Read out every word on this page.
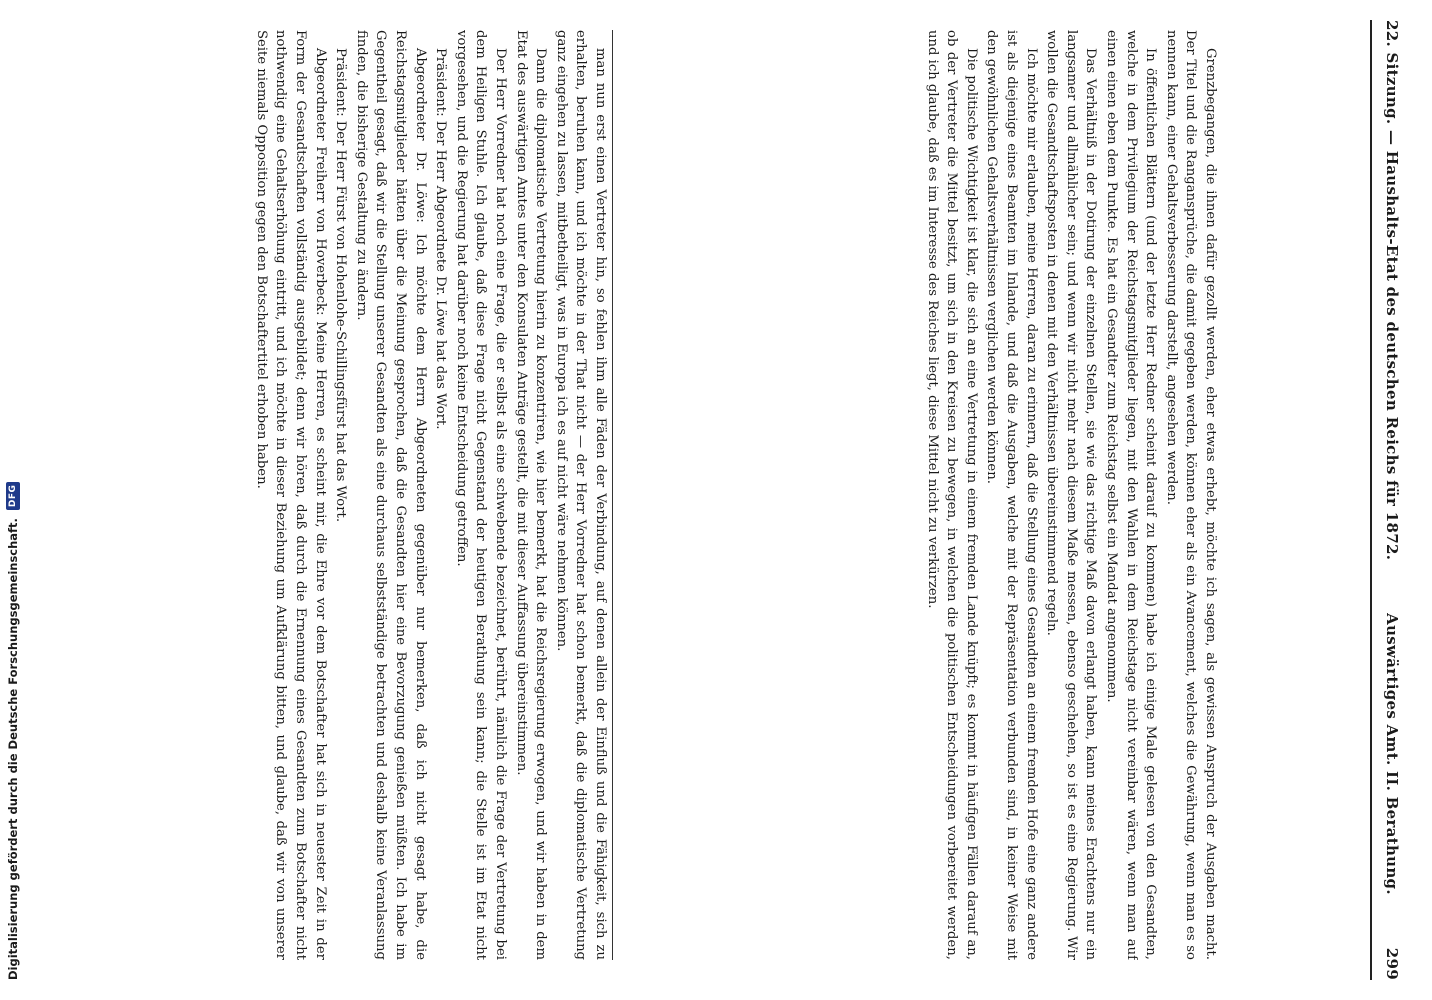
22. Sitzung. — Haushalts-Etat des deutschen Reichs für 1872.
Auswärtiges Amt. II. Berathung.
299

Grenzbegangen, die ihnen dafür gezollt werden, eher etwas erhebt, möchte ich sagen, als gewissen Anspruch der Ausgaben macht. Der Titel und die Rangansprüche, die damit gegeben werden, können eher als ein Avancement, welches die Gewährung, wenn man es so nennen kann, einer Gehaltsverbesserung darstellt, angesehen werden.

In öffentlichen Blättern (und der letzte Herr Redner scheint darauf zu kommen) habe ich einige Male gelesen von den Gesandten, welche in dem Privilegium der Reichstagsmitglieder liegen, mit den Wahlen in dem Reichstage nicht vereinbar wären, wenn man auf einen einen eben dem Punkte. Es hat ein Gesandter zum Reichstag selbst ein Mandat angenommen.

Das Verhältniß in der Dotirung der einzelnen Stellen, sie wie das richtige Maß davon erlangt haben, kann meines Erachtens nur ein langsamer und allmählicher sein; und wenn wir nicht mehr nach diesem Maße messen, ebenso geschehen, so ist es eine Regierung. Wir wollen die Gesandtschaftsposten in denen mit den Verhältnissen übereinstimmend regeln.

Ich möchte mir erlauben, meine Herren, daran zu erinnern, daß die Stellung eines Gesandten an einem fremden Hofe eine ganz andere ist als diejenige eines Beamten im Inlande, und daß die Ausgaben, welche mit der Repräsentation verbunden sind, in keiner Weise mit den gewöhnlichen Gehaltsverhältnissen verglichen werden können.

Die politische Wichtigkeit ist klar, die sich an eine Vertretung in einem fremden Lande knüpft; es kommt in häufigen Fällen darauf an, ob der Vertreter die Mittel besitzt, um sich in den Kreisen zu bewegen, in welchen die politischen Entscheidungen vorbereitet werden, und ich glaube, daß es im Interesse des Reiches liegt, diese Mittel nicht zu verkürzen.

man nun erst einen Vertreter hin, so fehlen ihm alle Fäden der Verbindung, auf denen allein der Einfluß und die Fähigkeit, sich zu erhalten, beruhen kann, und ich möchte in der That nicht — der Herr Vorredner hat schon bemerkt, daß die diplomatische Vertretung ganz eingehen zu lassen, mitbetheiligt, was in Europa ich es auf nicht wäre nehmen können.

Dann die diplomatische Vertretung hierin zu konzentriren, wie hier bemerkt, hat die Reichsregierung erwogen, und wir haben in dem Etat des auswärtigen Amtes unter den Konsulaten Anträge gestellt, die mit dieser Auffassung übereinstimmen.

Der Herr Vorredner hat noch eine Frage, die er selbst als eine schwebende bezeichnet, berührt, nämlich die Frage der Vertretung bei dem Heiligen Stuhle. Ich glaube, daß diese Frage nicht Gegenstand der heutigen Berathung sein kann; die Stelle ist im Etat nicht vorgesehen, und die Regierung hat darüber noch keine Entscheidung getroffen.

Präsident: Der Herr Abgeordnete Dr. Löwe hat das Wort.

Abgeordneter Dr. Löwe: Ich möchte dem Herrn Abgeordneten gegenüber nur bemerken, daß ich nicht gesagt habe, die Reichstagsmitglieder hätten über die Meinung gesprochen, daß die Gesandten hier eine Bevorzugung genießen müßten. Ich habe im Gegentheil gesagt, daß wir die Stellung unserer Gesandten als eine durchaus selbstständige betrachten und deshalb keine Veranlassung finden, die bisherige Gestaltung zu ändern.

Präsident: Der Herr Fürst von Hohenlohe-Schillingsfürst hat das Wort.

Abgeordneter Freiherr von Hoverbeck: Meine Herren, es scheint mir, die Ehre vor dem Botschafter hat sich in neuester Zeit in der Form der Gesandtschaften vollständig ausgebildet; denn wir hören, daß durch die Ernennung eines Gesandten zum Botschafter nicht nothwendig eine Gehaltserhöhung eintritt, und ich möchte in dieser Beziehung um Aufklärung bitten, und glaube, daß wir von unserer Seite niemals Opposition gegen den Botschaftertitel erhoben haben.

Digitalisierung gefördert durch die Deutsche Forschungsgemeinschaft.
DFG
